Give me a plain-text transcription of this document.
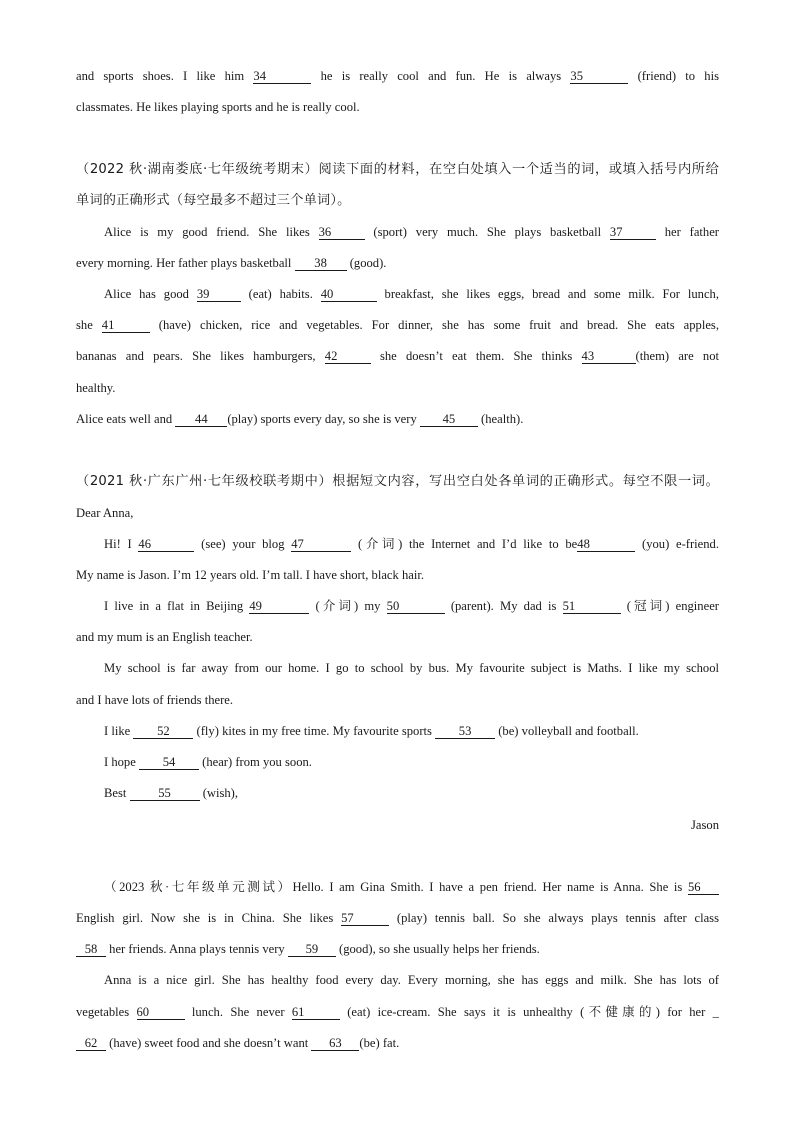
and sports shoes. I like him 34	he is really cool and fun. He is always 35	(friend) to his
classmates. He likes playing sports and he is really cool.
（2022 秋·湖南娄底·七年级统考期末）阅读下面的材料，在空白处填入一个适当的词，或填入括号内所给
单词的正确形式（每空最多不超过三个单词）。
Alice is my good friend. She likes 36	(sport) very much. She plays basketball 37	her father
every morning. Her father plays basketball 38 (good).
Alice has good 39 (eat) habits. 40	breakfast, she likes eggs, bread and some milk. For lunch,
she 41	(have) chicken, rice and vegetables. For dinner, she has some fruit and bread. She eats apples,
bananas and pears. She likes hamburgers, 42	she doesn’t eat them. She thinks 43	(them) are not
healthy.
Alice eats well and 44 (play) sports every day, so she is very 45 (health).
（2021 秋·广东广州·七年级校联考期中）根据短文内容，写出空白处各单词的正确形式。每空不限一词。
Dear Anna,
Hi! I 46	(see) your blog 47	(介词) the Internet and I’d like to be48	(you) e-friend.
My name is Jason. I’m 12 years old. I’m tall. I have short, black hair.
I live in a flat in Beijing 49	(介词) my 50	(parent). My dad is 51	(冠词) engineer
and my mum is an English teacher.
My school is far away from our home. I go to school by bus. My favourite subject is Maths. I like my school
and I have lots of friends there.
I like 52 (fly) kites in my free time. My favourite sports 53 (be) volleyball and football.
I hope 54 (hear) from you soon.
Best 55 (wish),
Jason
（2023 秋·七年级单元测试）Hello. I am Gina Smith. I have a pen friend. Her name is Anna. She is 56
English girl. Now she is in China. She likes 57	(play) tennis ball. So she always plays tennis after class
58 her friends. Anna plays tennis very 59 (good), so she usually helps her friends.
Anna is a nice girl. She has healthy food every day. Every morning, she has eggs and milk. She has lots of
vegetables 60	lunch. She never 61	(eat) ice-cream. She says it is unhealthy (不健康的) for her _
62 (have) sweet food and she doesn’t want 63 (be) fat.
